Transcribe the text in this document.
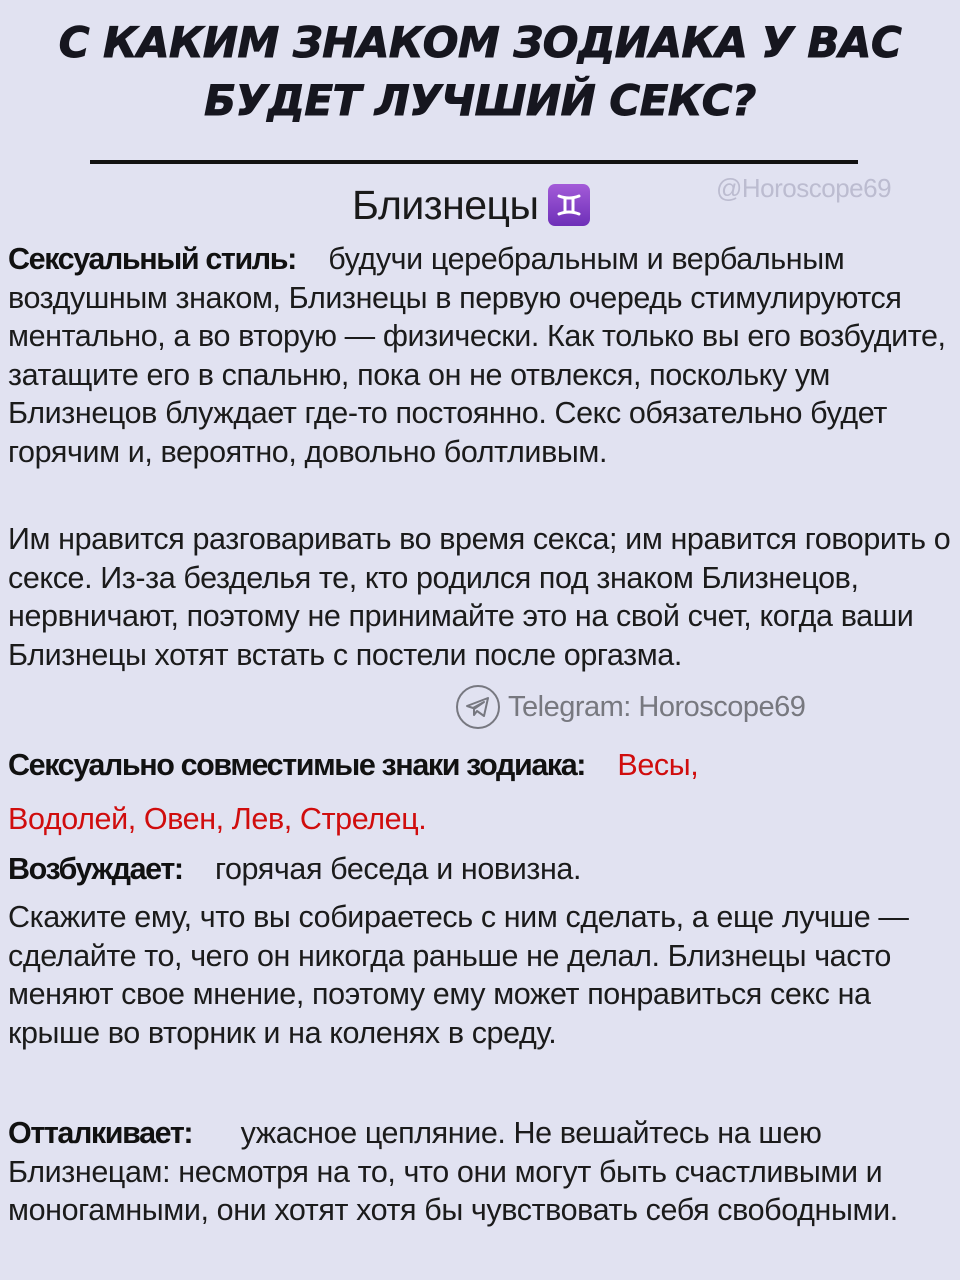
С КАКИМ ЗНАКОМ ЗОДИАКА У ВАС
БУДЕТ ЛУЧШИЙ СЕКС?
Близнецы	@Horoscope69

Сексуальный стиль: будучи церебральным и вербальным воздушным знаком, Близнецы в первую очередь стимулируются ментально, а во вторую — физически. Как только вы его возбудите, затащите его в спальню, пока он не отвлекся, поскольку ум Близнецов блуждает где-то постоянно. Секс обязательно будет горячим и, вероятно, довольно болтливым.

Им нравится разговаривать во время секса; им нравится говорить о сексе. Из-за безделья те, кто родился под знаком Близнецов, нервничают, поэтому не принимайте это на свой счет, когда ваши Близнецы хотят встать с постели после оргазма.

Telegram: Horoscope69

Сексуально совместимые знаки зодиака: Весы,
Водолей, Овен, Лев, Стрелец.

Возбуждает: горячая беседа и новизна.

Скажите ему, что вы собираетесь с ним сделать, а еще лучше — сделайте то, чего он никогда раньше не делал. Близнецы часто меняют свое мнение, поэтому ему может понравиться секс на крыше во вторник и на коленях в среду.

Отталкивает: ужасное цепляние. Не вешайтесь на шею Близнецам: несмотря на то, что они могут быть счастливыми и моногамными, они хотят хотя бы чувствовать себя свободными.
